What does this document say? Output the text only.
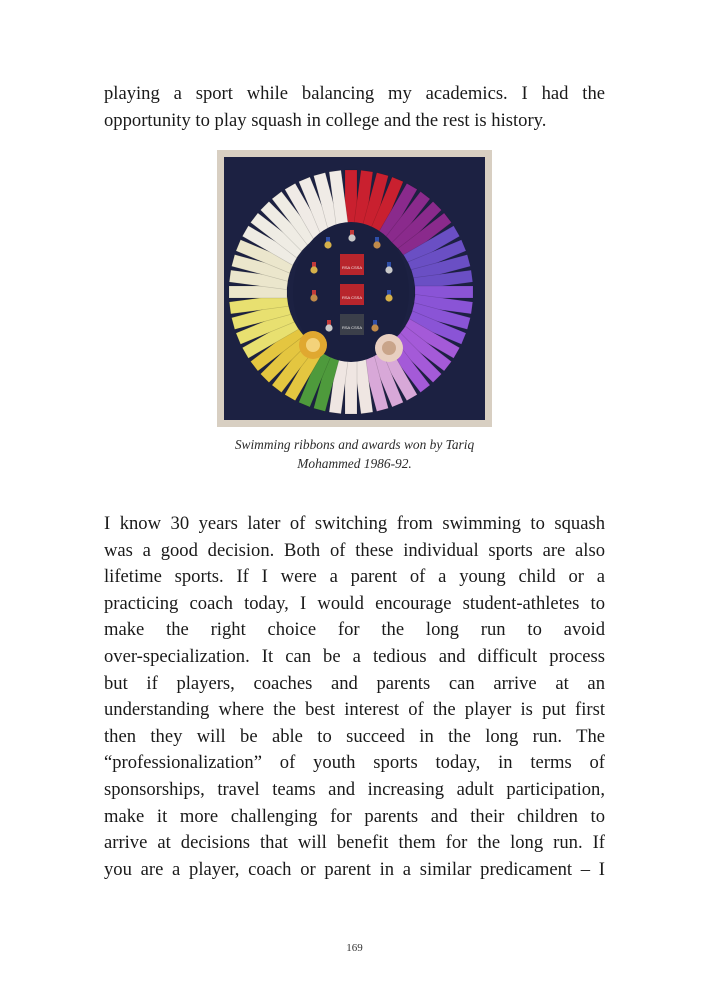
playing a sport while balancing my academics. I had the
opportunity to play squash in college and the rest is history.

RSA CSSA
RSA CSSA
RSA CSSA
Swimming ribbons and awards won by Tariq
Mohammed 1986-92.

I know 30 years later of switching from swimming to squash
was a good decision. Both of these individual sports are also
lifetime sports. If I were a parent of a young child or a
practicing coach today, I would encourage student-athletes to
make the right choice for the long run to avoid
over-specialization. It can be a tedious and difficult process
but if players, coaches and parents can arrive at an
understanding where the best interest of the player is put first
then they will be able to succeed in the long run. The
“professionalization” of youth sports today, in terms of
sponsorships, travel teams and increasing adult participation,
make it more challenging for parents and their children to
arrive at decisions that will benefit them for the long run. If
you are a player, coach or parent in a similar predicament – I

169
